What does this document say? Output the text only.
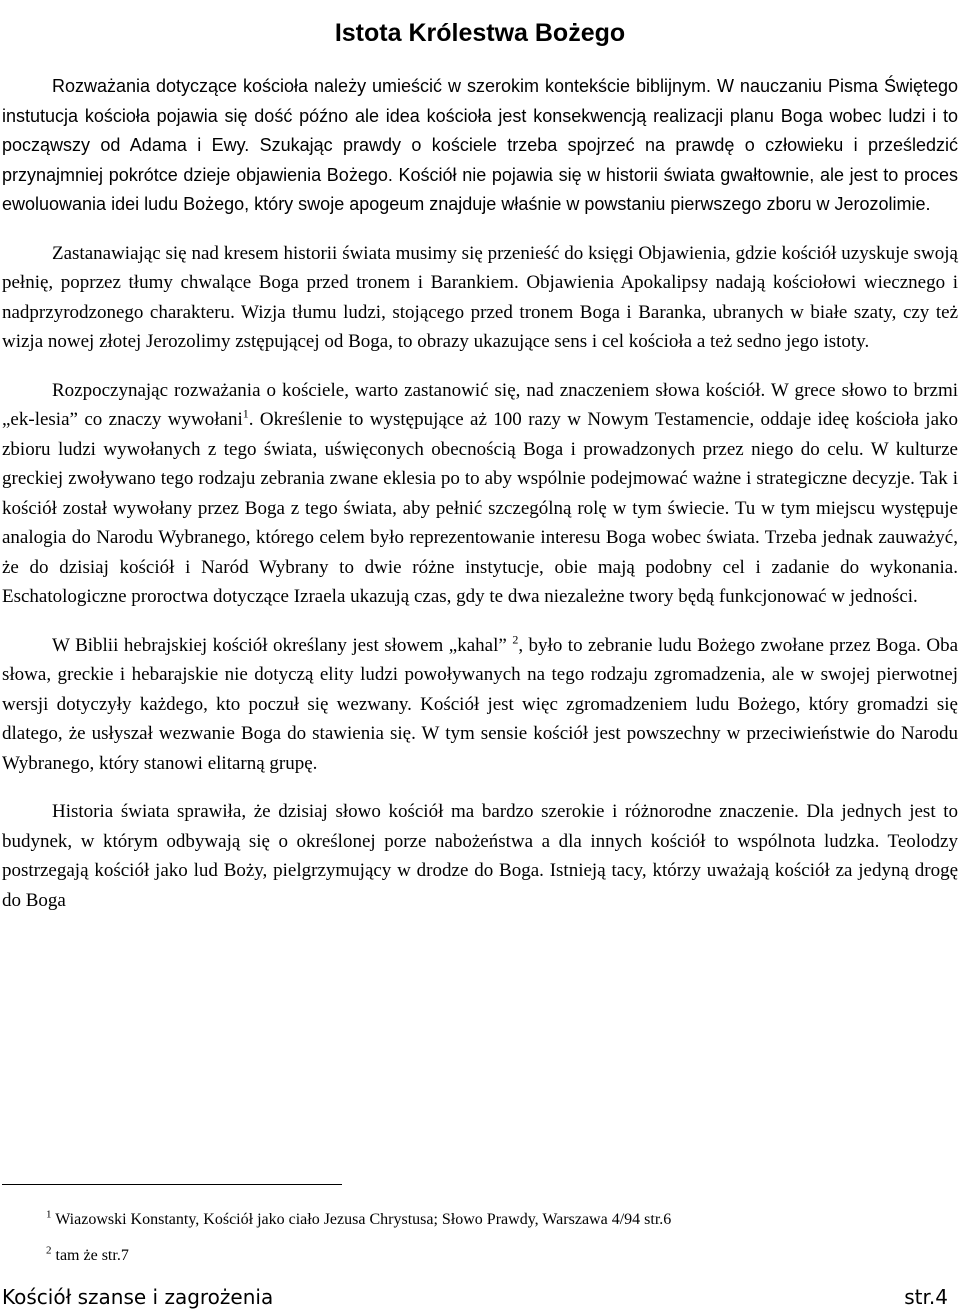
Istota Królestwa Bożego

Rozważania dotyczące kościoła należy umieścić w szerokim kontekście biblijnym. W nauczaniu Pisma Świętego instutucja kościoła pojawia się dość późno ale idea kościoła jest konsekwencją realizacji planu Boga wobec ludzi i to począwszy od Adama i Ewy. Szukając prawdy o kościele trzeba spojrzeć na prawdę o człowieku i prześledzić przynajmniej pokrótce dzieje objawienia Bożego. Kościół nie pojawia się w historii świata gwałtownie, ale jest to proces ewoluowania idei ludu Bożego, który swoje apogeum znajduje właśnie w powstaniu pierwszego zboru w Jerozolimie.

Zastanawiając się nad kresem historii świata musimy się przenieść do księgi Objawienia, gdzie kościół uzyskuje swoją pełnię, poprzez tłumy chwalące Boga przed tronem i Barankiem. Objawienia Apokalipsy nadają kościołowi wiecznego i nadprzyrodzonego charakteru. Wizja tłumu ludzi, stojącego przed tronem Boga i Baranka, ubranych w białe szaty, czy też wizja nowej złotej Jerozolimy zstępującej od Boga, to obrazy ukazujące sens i cel kościoła a też sedno jego istoty.

Rozpoczynając rozważania o kościele, warto zastanowić się, nad znaczeniem słowa kościół. W grece słowo to brzmi „ek-lesia” co znaczy wywołani$^1$. Określenie to występujące aż 100 razy w Nowym Testamencie, oddaje ideę kościoła jako zbioru ludzi wywołanych z tego świata, uświęconych obecnością Boga i prowadzonych przez niego do celu. W kulturze greckiej zwoływano tego rodzaju zebrania zwane eklesia po to aby wspólnie podejmować ważne i strategiczne decyzje. Tak i kościół został wywołany przez Boga z tego świata, aby pełnić szczególną rolę w tym świecie. Tu w tym miejscu występuje analogia do Narodu Wybranego, którego celem było reprezentowanie interesu Boga wobec świata. Trzeba jednak zauważyć, że do dzisiaj kościół i Naród Wybrany to dwie różne instytucje, obie mają podobny cel i zadanie do wykonania. Eschatologiczne proroctwa dotyczące Izraela ukazują czas, gdy te dwa niezależne twory będą funkcjonować w jedności.

W Biblii hebrajskiej kościół określany jest słowem „kahal” $^2$, było to zebranie ludu Bożego zwołane przez Boga. Oba słowa, greckie i hebarajskie nie dotyczą elity ludzi powoływanych na tego rodzaju zgromadzenia, ale w swojej pierwotnej wersji dotyczyły każdego, kto poczuł się wezwany. Kościół jest więc zgromadzeniem ludu Bożego, który gromadzi się dlatego, że usłyszał wezwanie Boga do stawienia się. W tym sensie kościół jest powszechny w przeciwieństwie do Narodu Wybranego, który stanowi elitarną grupę.

Historia świata sprawiła, że dzisiaj słowo kościół ma bardzo szerokie i różnorodne znaczenie. Dla jednych jest to budynek, w którym odbywają się o określonej porze nabożeństwa a dla innych kościół to wspólnota ludzka. Teolodzy postrzegają kościół jako lud Boży, pielgrzymujący w drodze do Boga. Istnieją tacy, którzy uważają kościół za jedyną drogę do Boga

$^1$ Wiazowski Konstanty, Kościół jako ciało Jezusa Chrystusa; Słowo Prawdy, Warszawa 4/94 str.6
$^2$ tam że str.7
Kościół szanse i zagrożenia	str.4
